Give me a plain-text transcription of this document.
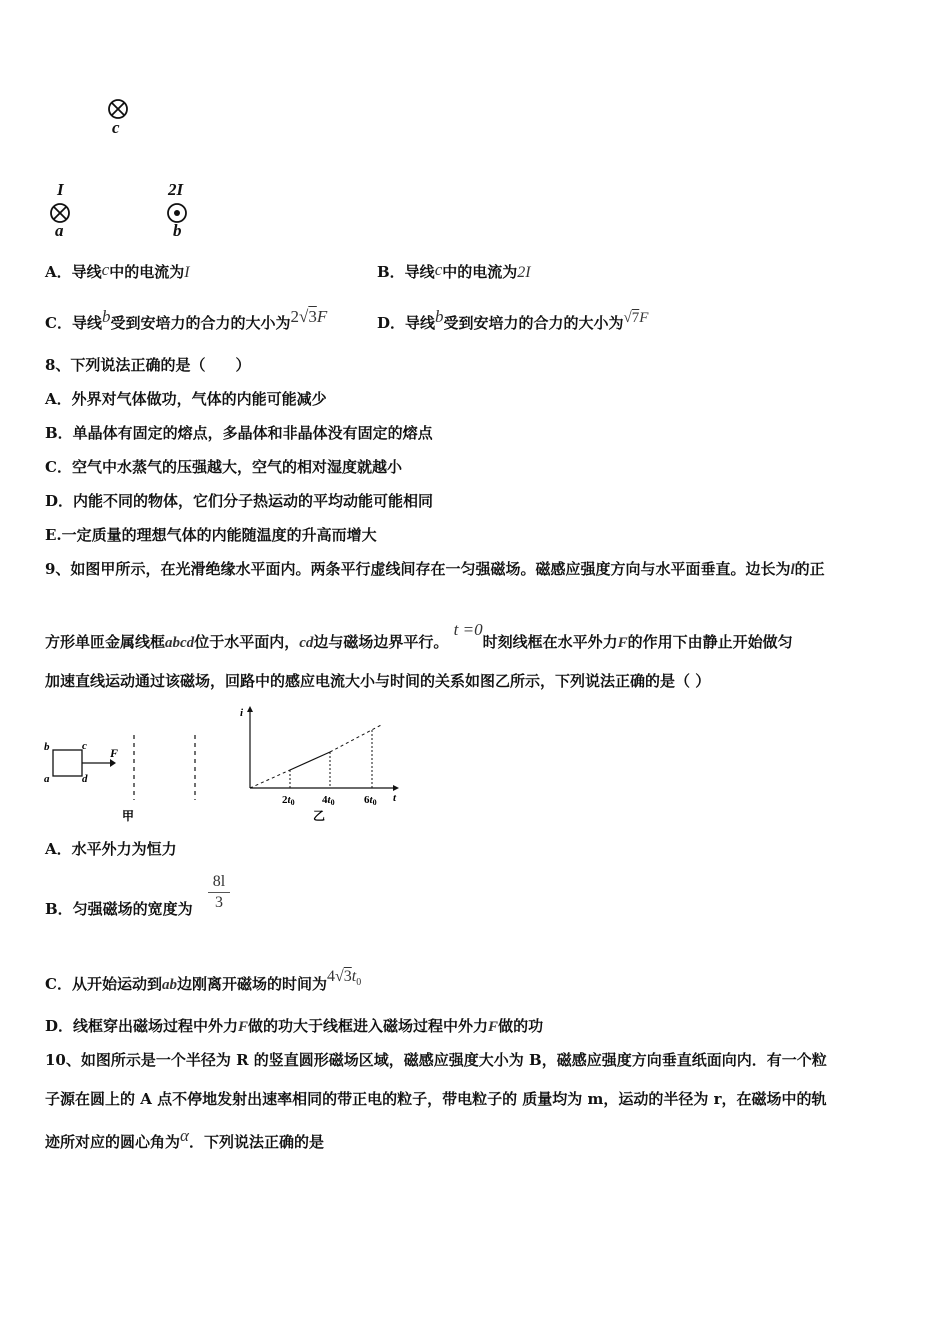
c
I
a
2I
b
A．导线c中的电流为I	B．导线c中的电流为2I
C．导线b受到安培力的合力的大小为2√3F	D．导线b受到安培力的合力的大小为√7F
8、下列说法正确的是（　　）
A．外界对气体做功，气体的内能可能减少
B．单晶体有固定的熔点，多晶体和非晶体没有固定的熔点
C．空气中水蒸气的压强越大，空气的相对湿度就越小
D．内能不同的物体，它们分子热运动的平均动能可能相同
E.一定质量的理想气体的内能随温度的升高而增大
9、如图甲所示，在光滑绝缘水平面内。两条平行虚线间存在一匀强磁场。磁感应强度方向与水平面垂直。边长为l的正
方形单匝金属线框abcd位于水平面内，cd边与磁场边界平行。 t =0时刻线框在水平外力F的作用下由静止开始做匀
加速直线运动通过该磁场，回路中的感应电流大小与时间的关系如图乙所示，下列说法正确的是（ ）
b	c
a	d
F
甲
i
t
2t0 4t0	6t0
乙
A．水平外力为恒力
B．匀强磁场的宽度为
8l
3
C．从开始运动到ab边刚离开磁场的时间为$4√3t^0$
D．线框穿出磁场过程中外力F做的功大于线框进入磁场过程中外力F做的功
10、如图所示是一个半径为 R 的竖直圆形磁场区域，磁感应强度大小为 B，磁感应强度方向垂直纸面向内．有一个粒
子源在圆上的 A 点不停地发射出速率相同的带正电的粒子，带电粒子的 质量均为 m，运动的半径为 r，在磁场中的轨
迹所对应的圆心角为α．下列说法正确的是
